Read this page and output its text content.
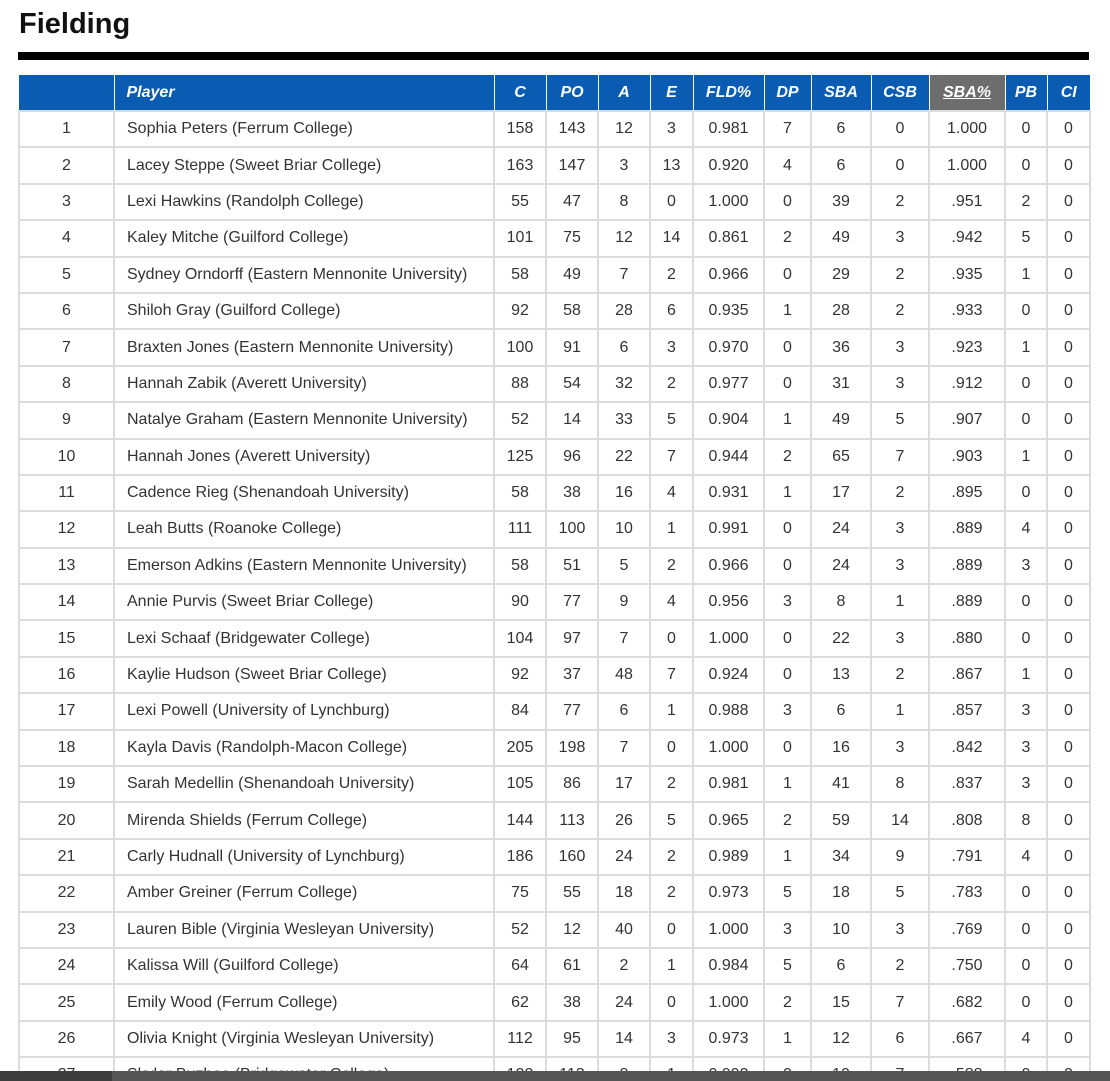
Fielding
	Player	C	PO	A	E	FLD%	DP	SBA	CSB	SBA%	PB	CI
1	Sophia Peters (Ferrum College)	158	143	12	3	0.981	7	6	0	1.000	0	0
2	Lacey Steppe (Sweet Briar College)	163	147	3	13	0.920	4	6	0	1.000	0	0
3	Lexi Hawkins (Randolph College)	55	47	8	0	1.000	0	39	2	.951	2	0
4	Kaley Mitche (Guilford College)	101	75	12	14	0.861	2	49	3	.942	5	0
5	Sydney Orndorff (Eastern Mennonite University)	58	49	7	2	0.966	0	29	2	.935	1	0
6	Shiloh Gray (Guilford College)	92	58	28	6	0.935	1	28	2	.933	0	0
7	Braxten Jones (Eastern Mennonite University)	100	91	6	3	0.970	0	36	3	.923	1	0
8	Hannah Zabik (Averett University)	88	54	32	2	0.977	0	31	3	.912	0	0
9	Natalye Graham (Eastern Mennonite University)	52	14	33	5	0.904	1	49	5	.907	0	0
10	Hannah Jones (Averett University)	125	96	22	7	0.944	2	65	7	.903	1	0
11	Cadence Rieg (Shenandoah University)	58	38	16	4	0.931	1	17	2	.895	0	0
12	Leah Butts (Roanoke College)	111	100	10	1	0.991	0	24	3	.889	4	0
13	Emerson Adkins (Eastern Mennonite University)	58	51	5	2	0.966	0	24	3	.889	3	0
14	Annie Purvis (Sweet Briar College)	90	77	9	4	0.956	3	8	1	.889	0	0
15	Lexi Schaaf (Bridgewater College)	104	97	7	0	1.000	0	22	3	.880	0	0
16	Kaylie Hudson (Sweet Briar College)	92	37	48	7	0.924	0	13	2	.867	1	0
17	Lexi Powell (University of Lynchburg)	84	77	6	1	0.988	3	6	1	.857	3	0
18	Kayla Davis (Randolph-Macon College)	205	198	7	0	1.000	0	16	3	.842	3	0
19	Sarah Medellin (Shenandoah University)	105	86	17	2	0.981	1	41	8	.837	3	0
20	Mirenda Shields (Ferrum College)	144	113	26	5	0.965	2	59	14	.808	8	0
21	Carly Hudnall (University of Lynchburg)	186	160	24	2	0.989	1	34	9	.791	4	0
22	Amber Greiner (Ferrum College)	75	55	18	2	0.973	5	18	5	.783	0	0
23	Lauren Bible (Virginia Wesleyan University)	52	12	40	0	1.000	3	10	3	.769	0	0
24	Kalissa Will (Guilford College)	64	61	2	1	0.984	5	6	2	.750	0	0
25	Emily Wood (Ferrum College)	62	38	24	0	1.000	2	15	7	.682	0	0
26	Olivia Knight (Virginia Wesleyan University)	112	95	14	3	0.973	1	12	6	.667	4	0
